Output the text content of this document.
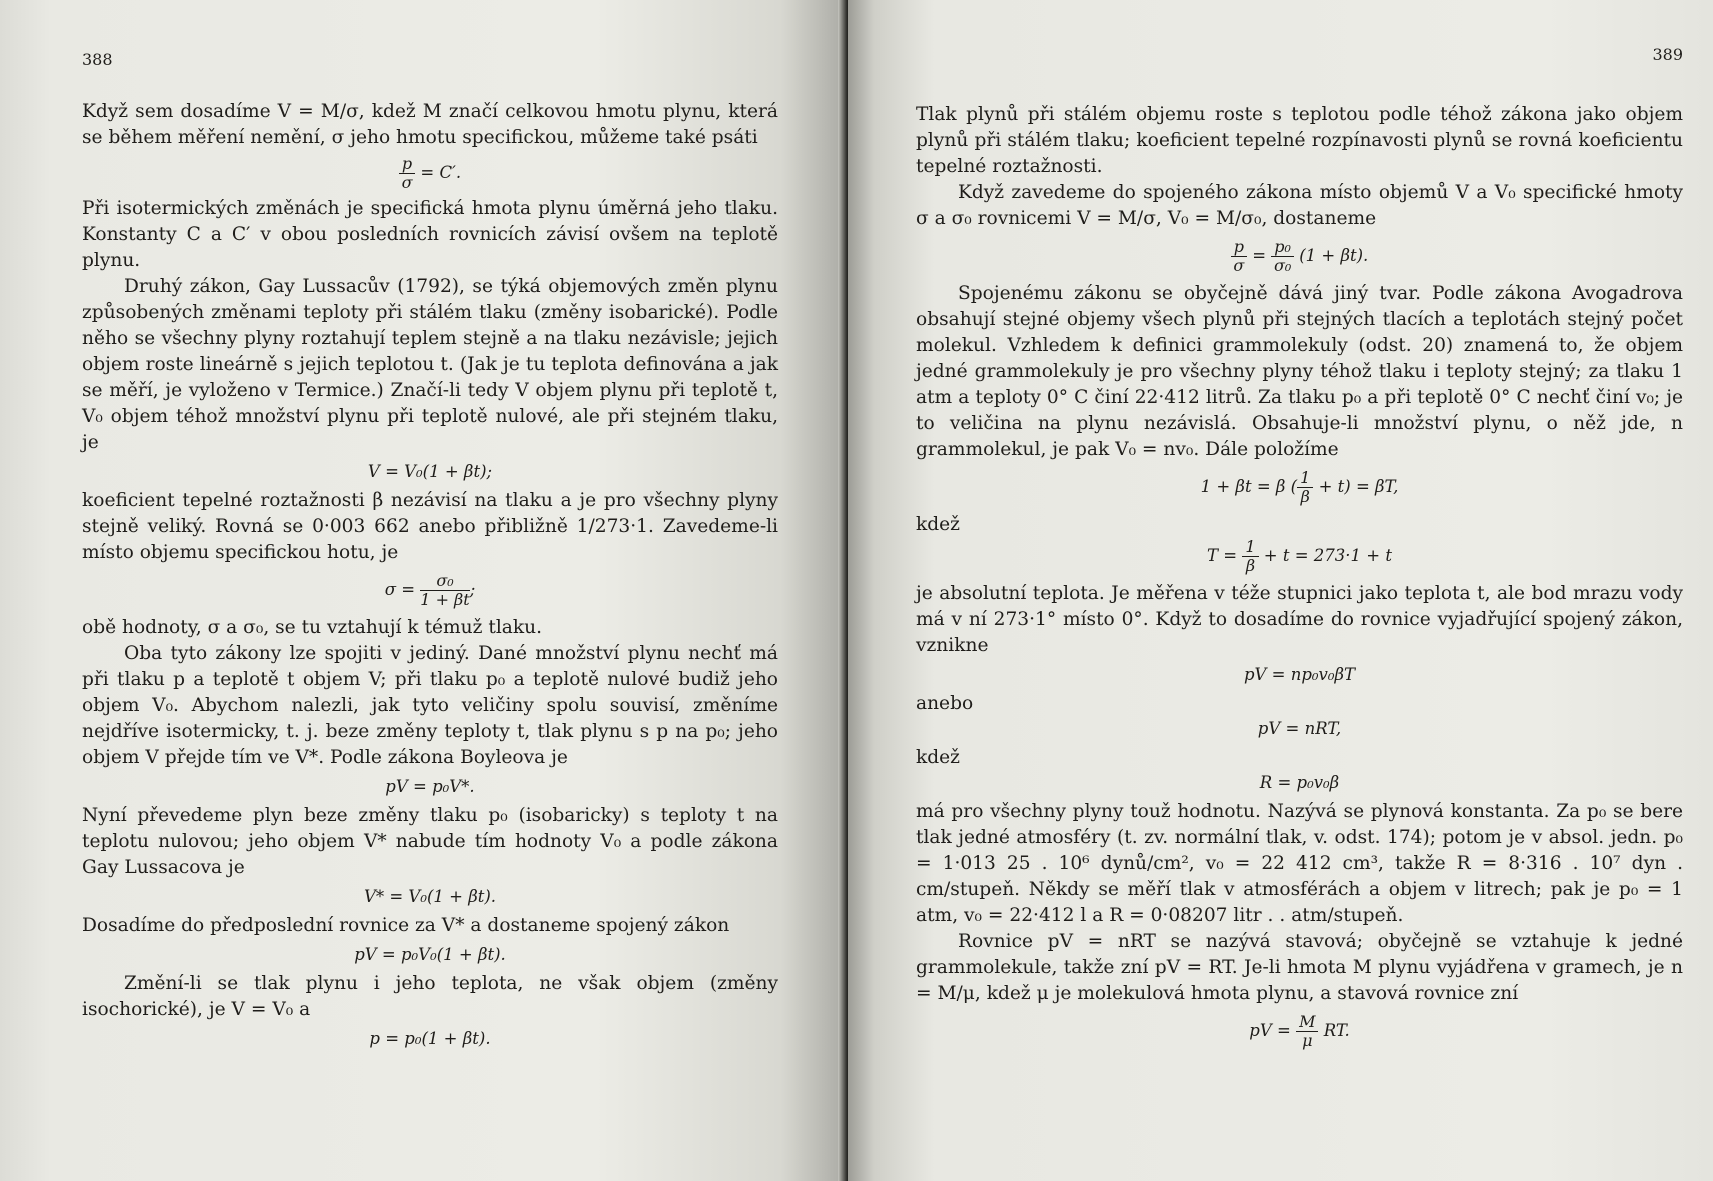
388

Když sem dosadíme V = M/σ, kdež M značí celkovou hmotu plynu, která se během měření nemění, σ jeho hmotu specifickou, můžeme také psáti

$\frac{p}{\sigma} = C'$.

Při isotermických změnách je specifická hmota plynu úměrná jeho tlaku. Konstanty C a C′ v obou posledních rovnicích závisí ovšem na teplotě plynu.

Druhý zákon, Gay Lussacův (1792), se týká objemových změn plynu způsobených změnami teploty při stálém tlaku (změny isobarické). Podle něho se všechny plyny roztahují teplem stejně a na tlaku nezávisle; jejich objem roste lineárně s jejich teplotou t. (Jak je tu teplota definována a jak se měří, je vyloženo v Termice.) Značí-li tedy V objem plynu při teplotě t, V₀ objem téhož množství plynu při teplotě nulové, ale při stejném tlaku, je

V = V₀(1 + βt);

koeficient tepelné roztažnosti β nezávisí na tlaku a je pro všechny plyny stejně veliký. Rovná se 0·003 662 anebo přibližně 1/273·1. Zavedeme-li místo objemu specifickou hotu, je

$\sigma = \frac{\text{σ₀}}{1 + \beta t}$ ;

obě hodnoty, σ a σ₀, se tu vztahují k témuž tlaku.

Oba tyto zákony lze spojiti v jediný. Dané množství plynu nechť má při tlaku p a teplotě t objem V; při tlaku p₀ a teplotě nulové budiž jeho objem V₀. Abychom nalezli, jak tyto veličiny spolu souvisí, změníme nejdříve isotermicky, t. j. beze změny teploty t, tlak plynu s p na p₀; jeho objem V přejde tím ve V*. Podle zákona Boyleova je

pV = p₀V*.

Nyní převedeme plyn beze změny tlaku p₀ (isobaricky) s teploty t na teplotu nulovou; jeho objem V* nabude tím hodnoty V₀ a podle zákona Gay Lussacova je

V* = V₀(1 + βt).

Dosadíme do předposlední rovnice za V* a dostaneme spojený zákon

pV = p₀V₀(1 + βt).

Změní-li se tlak plynu i jeho teplota, ne však objem (změny isochorické), je V = V₀ a

p = p₀(1 + βt).
389

Tlak plynů při stálém objemu roste s teplotou podle téhož zákona jako objem plynů při stálém tlaku; koeficient tepelné rozpínavosti plynů se rovná koeficientu tepelné roztažnosti.

Když zavedeme do spojeného zákona místo objemů V a V₀ specifické hmoty σ a σ₀ rovnicemi V = M/σ, V₀ = M/σ₀, dostaneme

$\frac{p}{\sigma} = \frac{\text{p₀}}{\text{σ₀}} (1 + \beta t)$.

Spojenému zákonu se obyčejně dává jiný tvar. Podle zákona Avogadrova obsahují stejné objemy všech plynů při stejných tlacích a teplotách stejný počet molekul. Vzhledem k definici grammolekuly (odst. 20) znamená to, že objem jedné grammolekuly je pro všechny plyny téhož tlaku i teploty stejný; za tlaku 1 atm a teploty 0° C činí 22·412 litrů. Za tlaku p₀ a při teplotě 0° C nechť činí v₀; je to veličina na plynu nezávislá. Obsahuje-li množství plynu, o něž jde, n grammolekul, je pak V₀ = nv₀. Dále položíme

1 + βt = β ( $\frac{1}{\beta} + t) = \beta T$,
kdež
$T = \frac{1}{\beta} + t = 273\cdot 1 + t$

je absolutní teplota. Je měřena v téže stupnici jako teplota t, ale bod mrazu vody má v ní 273·1° místo 0°. Když to dosadíme do rovnice vyjadřující spojený zákon, vznikne

pV = np₀v₀βT
anebo
pV = nRT,
kdež
R = p₀v₀β

má pro všechny plyny touž hodnotu. Nazývá se plynová konstanta. Za p₀ se bere tlak jedné atmosféry (t. zv. normální tlak, v. odst. 174); potom je v absol. jedn. p₀ = 1·013 25 . 10⁶ dynů/cm², v₀ = 22 412 cm³, takže R = 8·316 . 10⁷ dyn . cm/stupeň. Někdy se měří tlak v atmosférách a objem v litrech; pak je p₀ = 1 atm, v₀ = 22·412 l a R = 0·08207 litr . . atm/stupeň.

Rovnice pV = nRT se nazývá stavová; obyčejně se vztahuje k jedné grammolekule, takže zní pV = RT. Je-li hmota M plynu vyjádřena v gramech, je n = M/μ, kdež μ je molekulová hmota plynu, a stavová rovnice zní

pV = $\frac{M}{\mu}$ RT.
